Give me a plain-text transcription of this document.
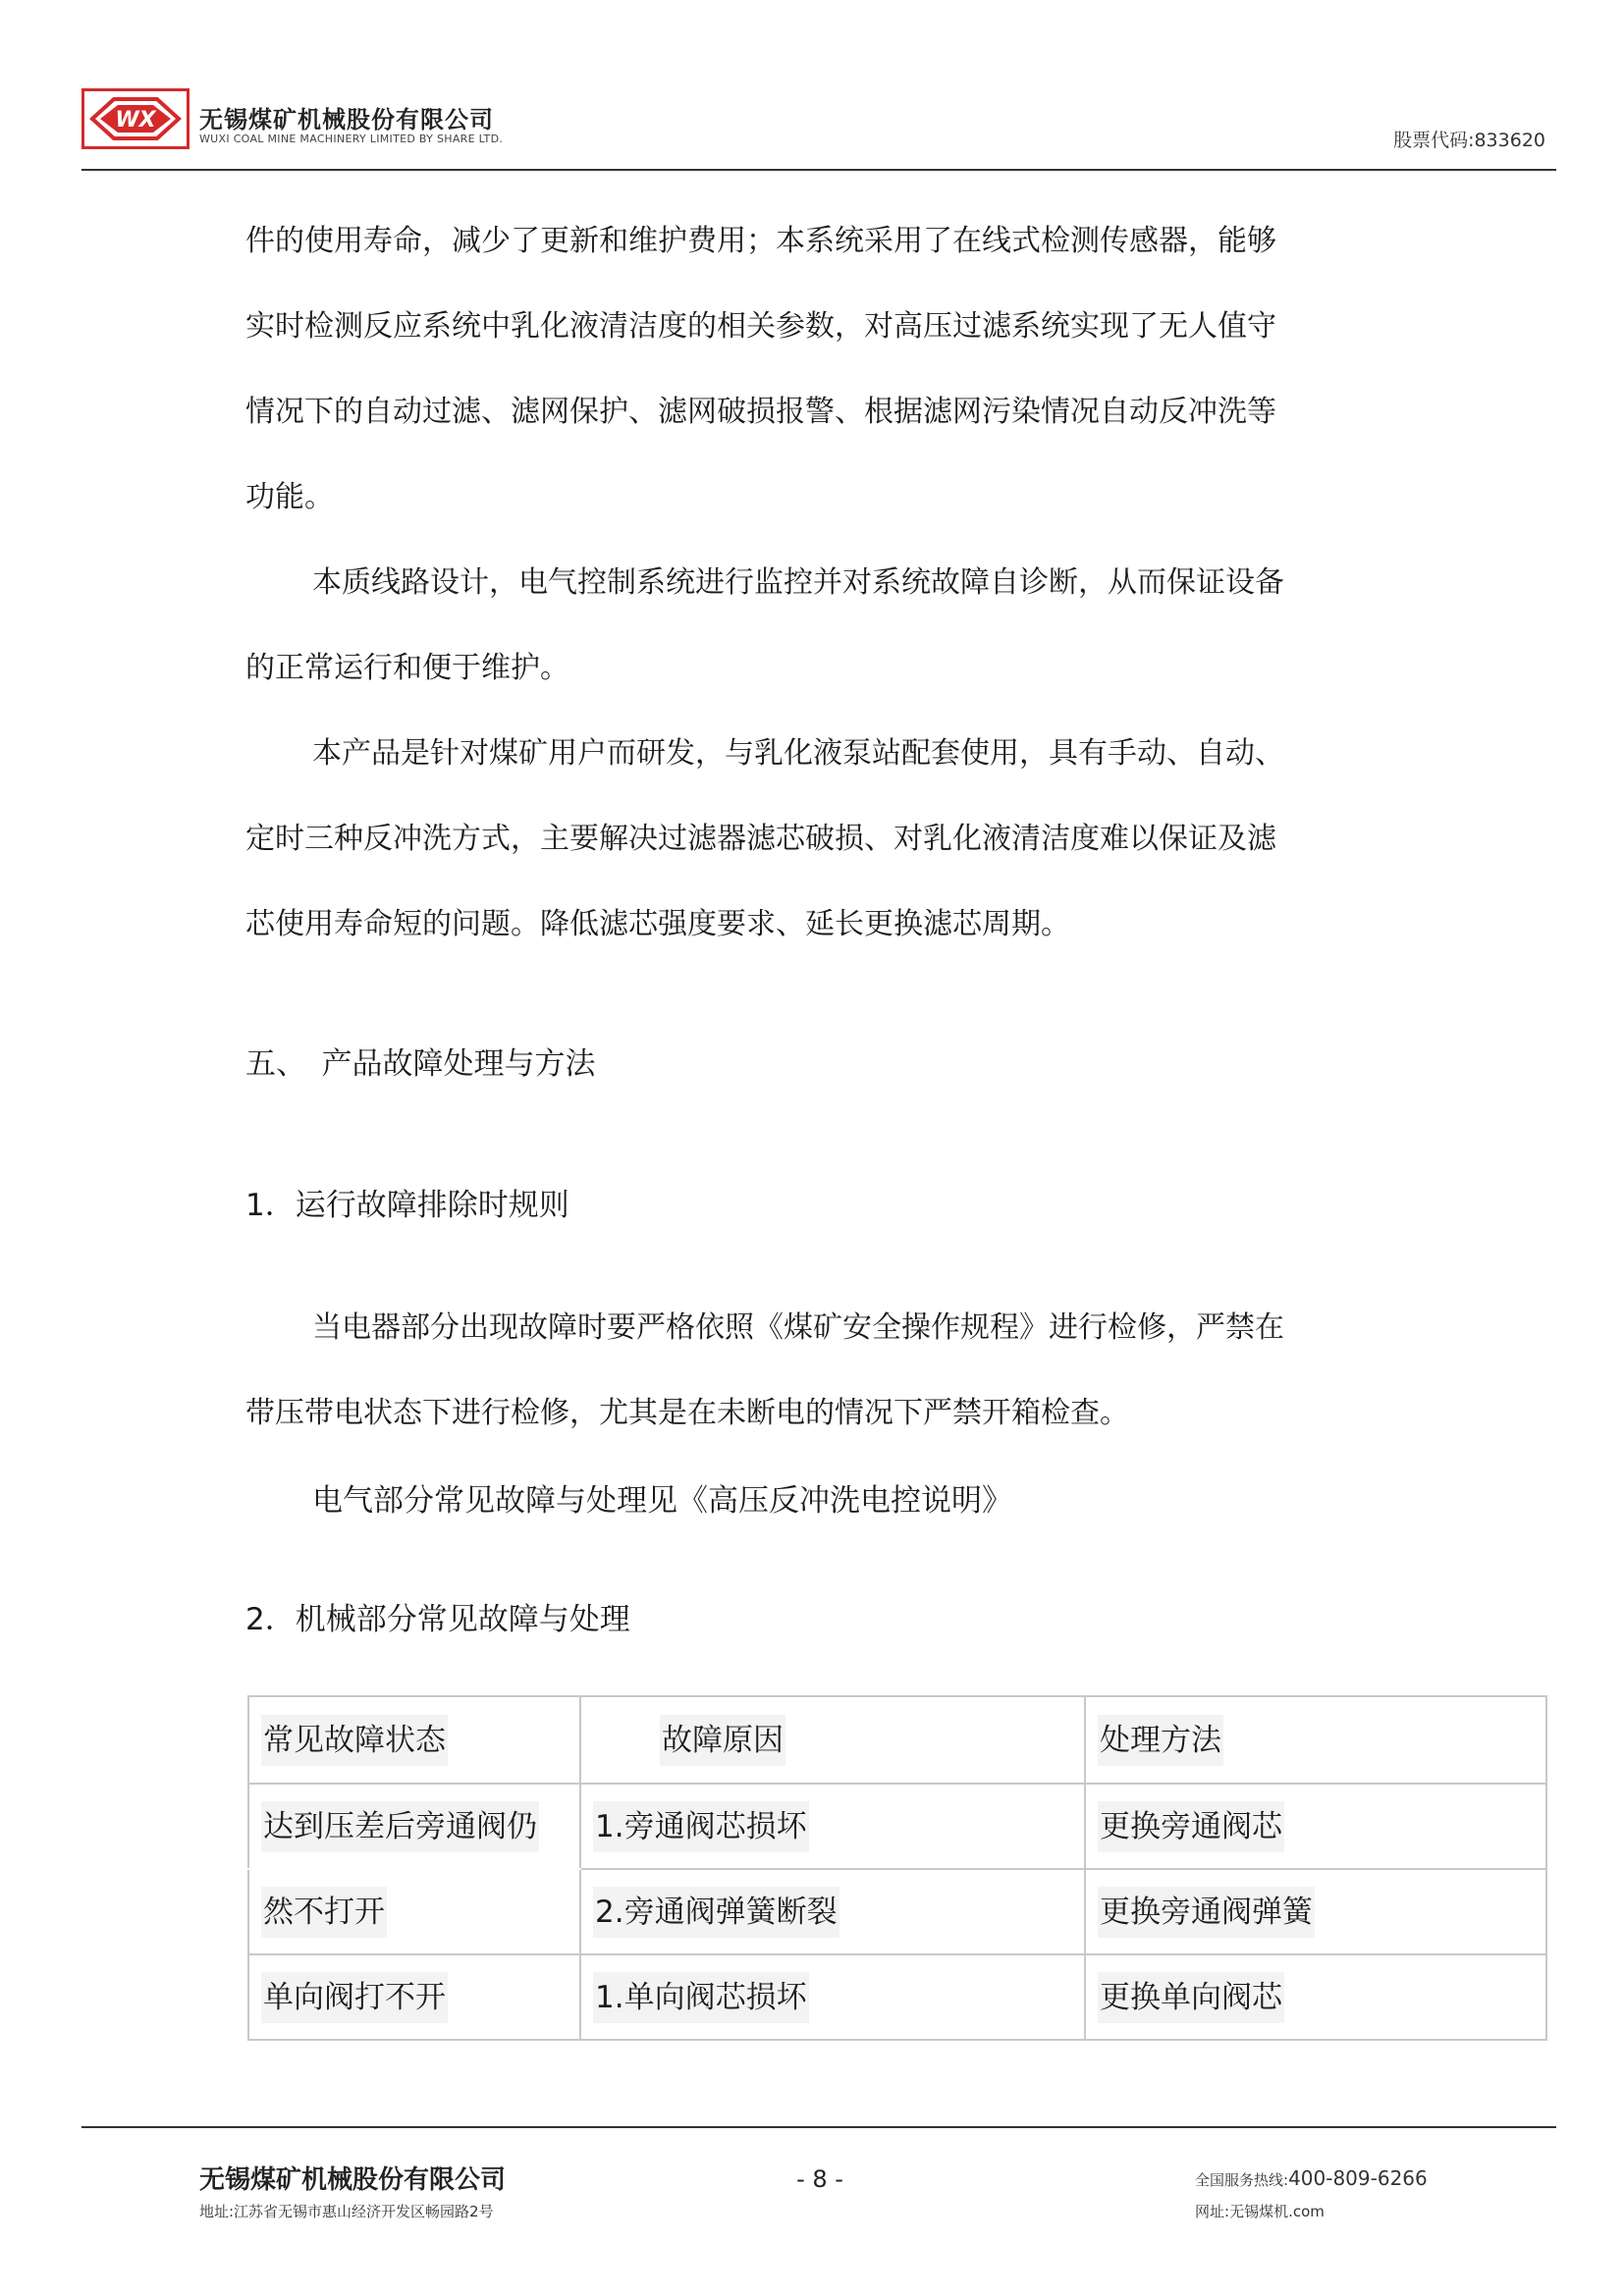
WX 无锡煤矿机械股份有限公司
WUXI COAL MINE MACHINERY LIMITED BY SHARE LTD.	股票代码:833620
件的使用寿命，减少了更新和维护费用；本系统采用了在线式检测传感器，能够
实时检测反应系统中乳化液清洁度的相关参数，对高压过滤系统实现了无人值守
情况下的自动过滤、滤网保护、滤网破损报警、根据滤网污染情况自动反冲洗等
功能。
本质线路设计，电气控制系统进行监控并对系统故障自诊断，从而保证设备
的正常运行和便于维护。
本产品是针对煤矿用户而研发，与乳化液泵站配套使用，具有手动、自动、
定时三种反冲洗方式，主要解决过滤器滤芯破损、对乳化液清洁度难以保证及滤
芯使用寿命短的问题。降低滤芯强度要求、延长更换滤芯周期。
五、　产品故障处理与方法
1．运行故障排除时规则
当电器部分出现故障时要严格依照《煤矿安全操作规程》进行检修，严禁在
带压带电状态下进行检修，尤其是在未断电的情况下严禁开箱检查。
电气部分常见故障与处理见《高压反冲洗电控说明》
2．机械部分常见故障与处理
常见故障状态	故障原因	处理方法
达到压差后旁通阀仍	1.旁通阀芯损坏	更换旁通阀芯
然不打开	2.旁通阀弹簧断裂	更换旁通阀弹簧
单向阀打不开	1.单向阀芯损坏	更换单向阀芯
无锡煤矿机械股份有限公司
地址:江苏省无锡市惠山经济开发区畅园路2号
- 8 -	全国服务热线:400-809-6266
网址:无锡煤机.com
